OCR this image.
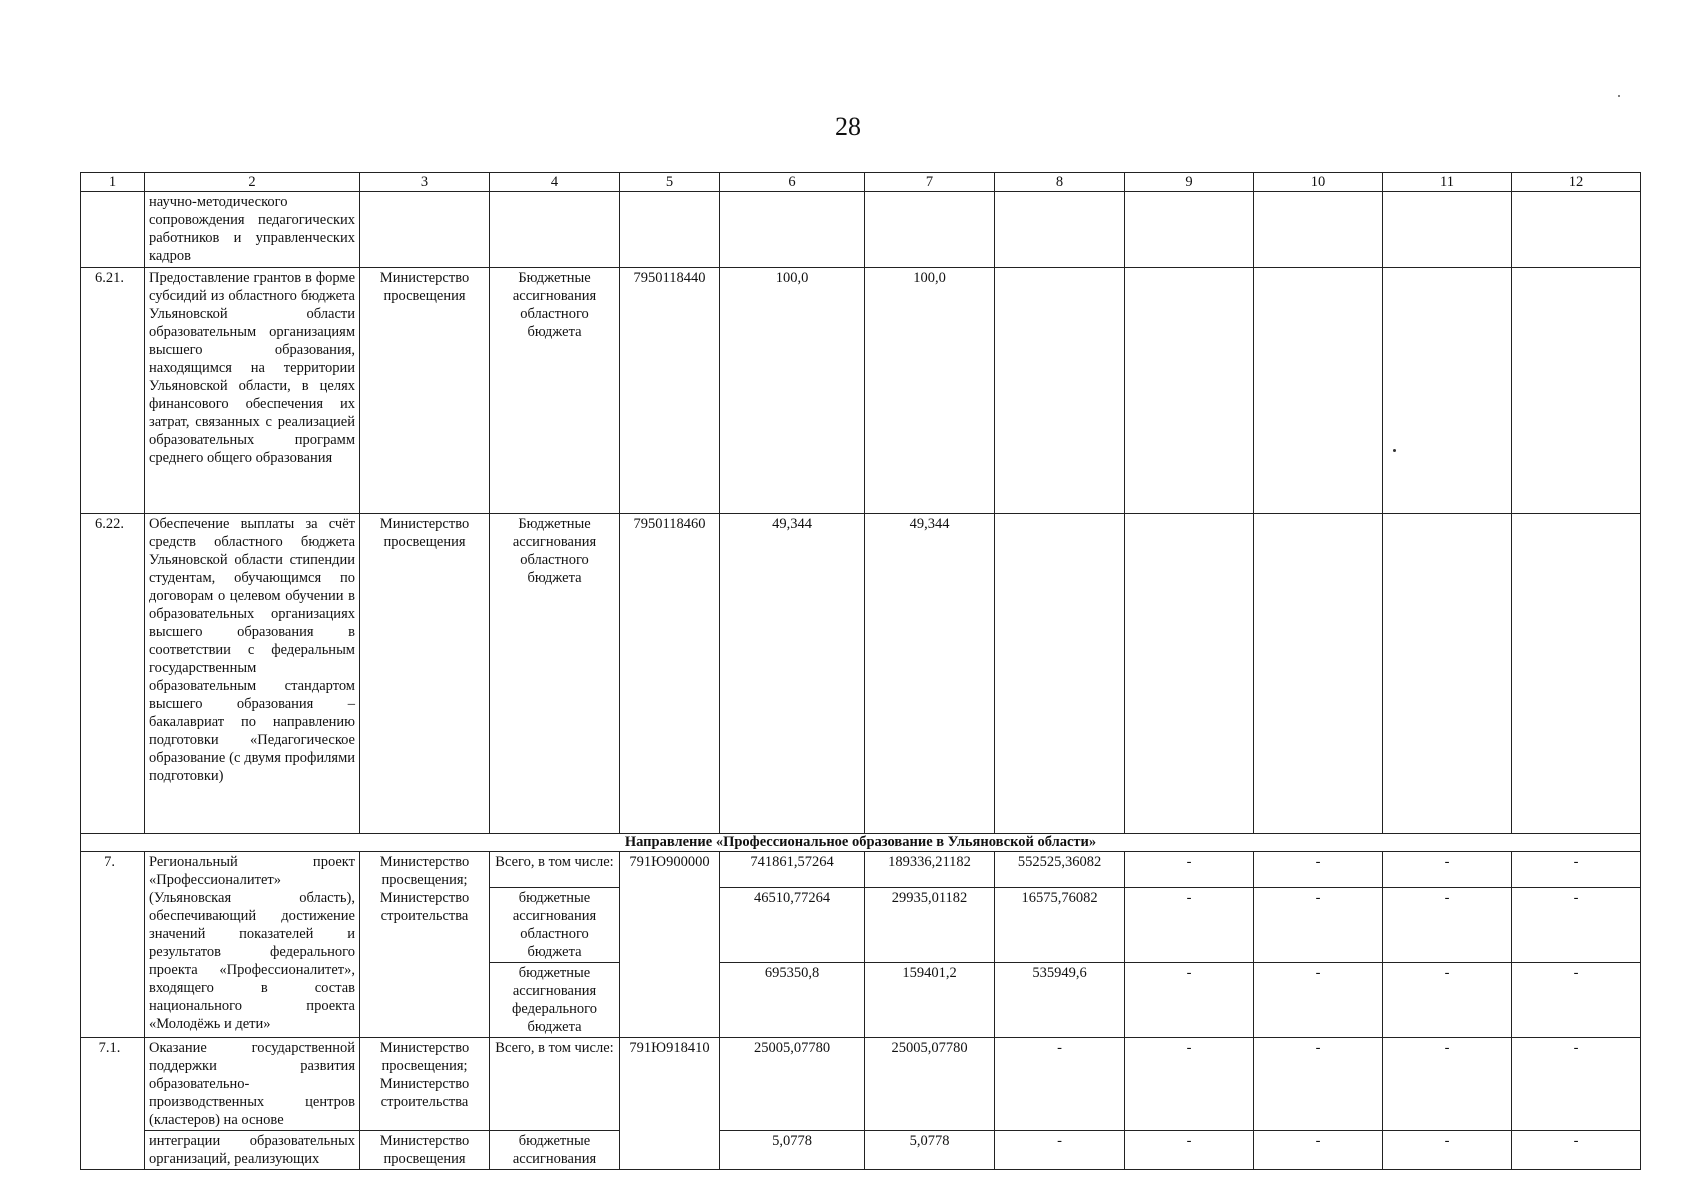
28
1	2	3	4	5	6	7	8	9	10	11	12
	научно-методического сопровождения педагогических работников и управленческих кадров										
6.21.	Предоставление грантов в форме субсидий из областного бюджета Ульяновской области образовательным организациям высшего образования, находящимся на территории Ульяновской области, в целях финансового обеспечения их затрат, связанных с реализацией образовательных программ среднего общего образования	Министерство просвещения	Бюджетные ассигнования областного бюджета	7950118440	100,0	100,0					
6.22.	Обеспечение выплаты за счёт средств областного бюджета Ульяновской области стипендии студентам, обучающимся по договорам о целевом обучении в образовательных организациях высшего образования в соответствии с федеральным государственным образовательным стандартом высшего образования – бакалавриат по направлению подготовки «Педагогическое образование (с двумя профилями подготовки)	Министерство просвещения	Бюджетные ассигнования областного бюджета	7950118460	49,344	49,344					
Направление «Профессиональное образование в Ульяновской области»											
7.	Региональный проект «Профессионалитет» (Ульяновская область), обеспечивающий достижение значений показателей и результатов федерального проекта «Профессионалитет», входящего в состав национального проекта «Молодёжь и дети»	Министерство просвещения; Министерство строительства	Всего, в том числе:	791Ю900000	741861,57264	189336,21182	552525,36082	-	-	-	-
			бюджетные ассигнования областного бюджета		46510,77264	29935,01182	16575,76082	-	-	-	-
			бюджетные ассигнования федерального бюджета		695350,8	159401,2	535949,6	-	-	-	-
7.1.	Оказание государственной поддержки развития образовательно-производственных центров (кластеров) на основе	Министерство просвещения; Министерство строительства	Всего, в том числе:	791Ю918410	25005,07780	25005,07780	-	-	-	-	-
	интеграции образовательных организаций, реализующих	Министерство просвещения	бюджетные ассигнования		5,0778	5,0778	-	-	-	-	-
